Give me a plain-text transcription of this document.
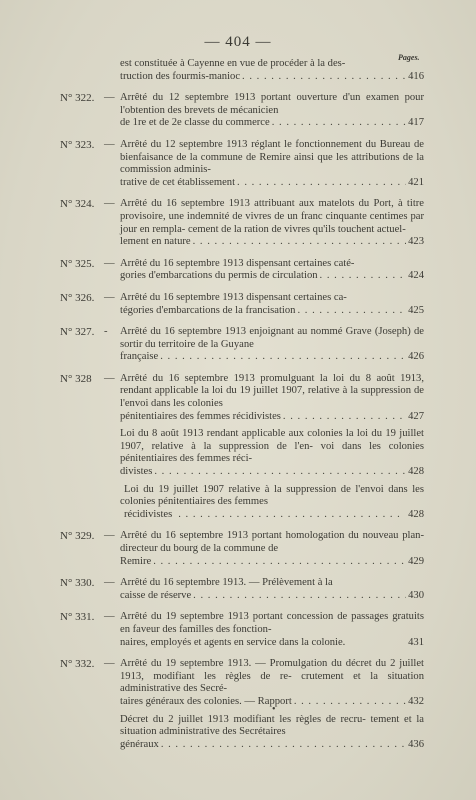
— 404 —
Pages.
est constituée à Cayenne en vue de procéder à la des-
truction des fourmis-manioc . . .	416
N° 322. — Arrêté du 12 septembre 1913 portant ouverture d'un examen pour l'obtention des brevets de mécanicien
de 1re et de 2e classe du commerce . . .	417
N° 323. — Arrêté du 12 septembre 1913 réglant le fonctionnement du Bureau de bienfaisance de la commune de Remire ainsi que les attributions de la commission adminis-
trative de cet établissement . . .	421
N° 324. — Arrêté du 16 septembre 1913 attribuant aux matelots du Port, à titre provisoire, une indemnité de vivres de un franc cinquante centimes par jour en rempla- cement de la ration de vivres qu'ils touchent actuel-
lement en nature . . .	423
N° 325. — Arrêté du 16 septembre 1913 dispensant certaines caté-
gories d'embarcations du permis de circulation . . .	424
N° 326. — Arrêté du 16 septembre 1913 dispensant certaines ca-
tégories d'embarcations de la francisation . . .	425
N° 327. - Arrêté du 16 septembre 1913 enjoignant au nommé Grave (Joseph) de sortir du territoire de la Guyane
française . . .	426
N° 328 — Arrêté du 16 septembre 1913 promulguant la loi du 8 août 1913, rendant applicable la loi du 19 juillet 1907, relative à la suppression de l'envoi dans les colonies
pénitentiaires des femmes récidivistes . . .	427
Loi du 8 août 1913 rendant applicable aux colonies la loi du 19 juillet 1907, relative à la suppression de l'en- voi dans les colonies pénitentiaires des femmes réci-
divistes . . .	428
Loi du 19 juillet 1907 relative à la suppression de l'envoi dans les colonies pénitentiaires des femmes
récidivistes . . .	428
N° 329. — Arrêté du 16 septembre 1913 portant homologation du nouveau plan-directeur du bourg de la commune de
Remire . . .	429
N° 330. — Arrêté du 16 septembre 1913. — Prélèvement à la
caisse de réserve . . .	430
N° 331. — Arrêté du 19 septembre 1913 portant concession de passages gratuits en faveur des familles des fonction-
naires, employés et agents en service dans la colonie.	431
N° 332. — Arrêté du 19 septembre 1913. — Promulgation du décret du 2 juillet 1913, modifiant les règles de re- crutement et la situation administrative des Secré-
taires généraux des colonies. — Rapport . . .	432
Décret du 2 juillet 1913 modifiant les règles de recru- tement et la situation administrative des Secrétaires
généraux . . .	436
•
